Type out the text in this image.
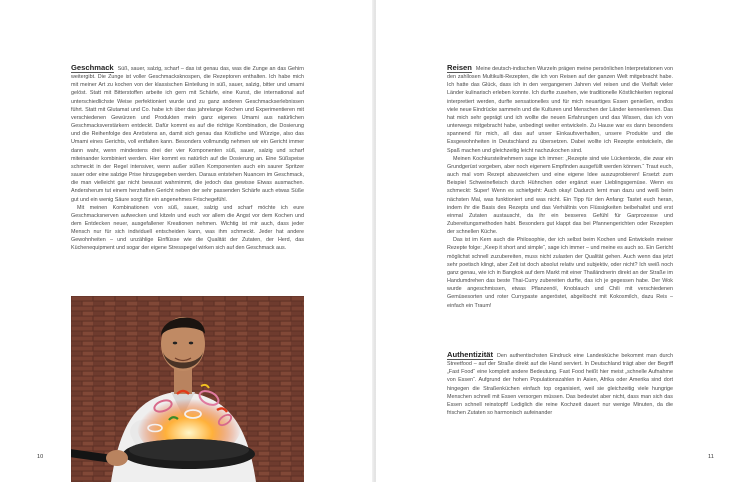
Geschmack Süß, sauer, salzig, scharf – das ist genau das, was die Zunge an das Gehirn weitergibt. Die Zunge ist voller Geschmacksknospen, die Rezeptoren enthalten. Ich habe mich mit meiner Art zu kochen von der klassischen Einteilung in süß, sauer, salzig, bitter und umami gelöst. Statt mit Bitterstoffen arbeite ich gern mit Schärfe, eine Kunst, die international auf unterschiedlichste Weise perfektioniert wurde und zu ganz anderen Geschmackserlebnissen führt. Statt mit Glutamat und Co. habe ich über das jahrelange Kochen und Experimentieren mit verschiedenen Gewürzen und Produkten mein ganz eigenes Umami aus natürlichen Geschmacksverstärkern entdeckt. Dafür kommt es auf die richtige Kombination, die Dosierung und die Reihenfolge des Anröstens an, damit sich genau das Köstliche und Würzige, also das Umami eines Gerichts, voll entfalten kann. Besonders vollmundig nehmen wir ein Gericht immer dann wahr, wenn mindestens drei der vier Komponenten süß, sauer, salzig und scharf miteinander kombiniert werden. Hier kommt es natürlich auf die Dosierung an. Eine Süßspeise schmeckt in der Regel intensiver, wenn außer süßen Komponenten auch ein saurer Spritzer sauer oder eine salzige Prise hinzugegeben werden. Daraus entstehen Nuancen im Geschmack, die man vielleicht gar nicht bewusst wahrnimmt, die jedoch das gewisse Etwas ausmachen. Andersherum tut einem herzhaften Gericht neben der sehr passenden Schärfe auch etwas Süße gut und ein wenig Säure sorgt für ein angenehmes Frischegefühl.

Mit meinen Kombinationen von süß, sauer, salzig und scharf möchte ich eure Geschmacksnerven aufwecken und kitzeln und euch vor allem die Angst vor dem Kochen und dem Entdecken neuer, ausgefallener Kreationen nehmen. Wichtig ist mir auch, dass jeder Mensch nur für sich individuell entscheiden kann, was ihm schmeckt. Jeder hat andere Gewohnheiten – und unzählige Einflüsse wie die Qualität der Zutaten, der Herd, das Küchenequipment und sogar der eigene Stresspegel wirken sich auf den Geschmack aus.

10

Reisen Meine deutsch-indischen Wurzeln prägen meine persönlichen Interpretationen von den zahllosen Multikulti-Rezepten, die ich von Reisen auf der ganzen Welt mitgebracht habe. Ich hatte das Glück, dass ich in den vergangenen Jahren viel reisen und die Vielfalt vieler Länder kulinarisch erleben konnte. Ich durfte zusehen, wie traditionelle Köstlichkeiten regional interpretiert werden, durfte sensationelles und für mich neuartiges Essen genießen, endlos viele neue Eindrücke sammeln und die Kulturen und Menschen der Länder kennenlernen. Das hat mich sehr geprägt und ich wollte die neuen Erfahrungen und das Wissen, das ich von unterwegs mitgebracht habe, unbedingt weiter entwickeln. Zu Hause war es dann besonders spannend für mich, all das auf unser Einkaufsverhalten, unsere Produkte und die Essgewohnheiten in Deutschland zu übersetzen. Dabei wollte ich Rezepte entwickeln, die Spaß machen und gleichzeitig leicht nachzukochen sind.

Meinen Kochkursteilnehmern sage ich immer: „Rezepte sind wie Lückentexte, die zwar ein Grundgerüst vorgeben, aber noch eigenem Empfinden ausgefüllt werden können.“ Traut euch, auch mal vom Rezept abzuweichen und eine eigene Idee auszuprobieren! Ersetzt zum Beispiel Schweinefleisch durch Hühnchen oder ergänzt euer Lieblingsgemüse. Wenn es schmeckt: Super! Wenn es schiefgeht: Auch okay! Dadurch lernt man dazu und weiß beim nächsten Mal, was funktioniert und was nicht. Ein Tipp für den Anfang: Tastet euch heran, indem ihr die Basis des Rezepts und das Verhältnis von Flüssigkeiten beibehaltet und erst einmal Zutaten austauscht, da ihr ein besseres Gefühl für Garprozesse und Zubereitungsmethoden habt. Besonders gut klappt das bei Pfannengerichten oder Rezepten der schnellen Küche.

Das ist im Kern auch die Philosophie, der ich selbst beim Kochen und Entwickeln meiner Rezepte folge: „Keep it short and simple“, sage ich immer – und meine es auch so. Ein Gericht möglichst schnell zuzubereiten, muss nicht zulasten der Qualität gehen. Auch wenn das jetzt sehr poetisch klingt, aber Zeit ist doch absolut relativ und subjektiv, oder nicht? Ich weiß noch ganz genau, wie ich in Bangkok auf dem Markt mit einer Thailändnerin direkt an der Straße im Handumdrehen das beste Thai-Curry zubereiten durfte, das ich je gegessen habe. Der Wok wurde angeschmissen, etwas Pflanzenöl, Knoblauch und Chili mit verschiedenen Gemüsesorten und roter Currypaste angeröstet, abgelöscht mit Kokosmilch, dazu Reis – einfach ein Traum!

Authentizität Den authentischsten Eindruck eine Landesküche bekommt man durch Streetfood – auf der Straße direkt auf die Hand serviert. In Deutschland trägt aber der Begriff „Fast Food“ eine komplett andere Bedeutung. Fast Food heißt hier meist „schnelle Aufnahme von Essen“. Aufgrund der hohen Populationszahlen in Asien, Afrika oder Amerika sind dort hingegen die Straßenküchen einfach top organisiert, weil sie gleichzeitig viele hungrige Menschen schnell mit Essen versorgen müssen. Das bedeutet aber nicht, dass man sich das Essen schnell reinstopft! Lediglich die reine Kochzeit dauert nur wenige Minuten, da die frischen Zutaten so harmonisch aufeinander

11
